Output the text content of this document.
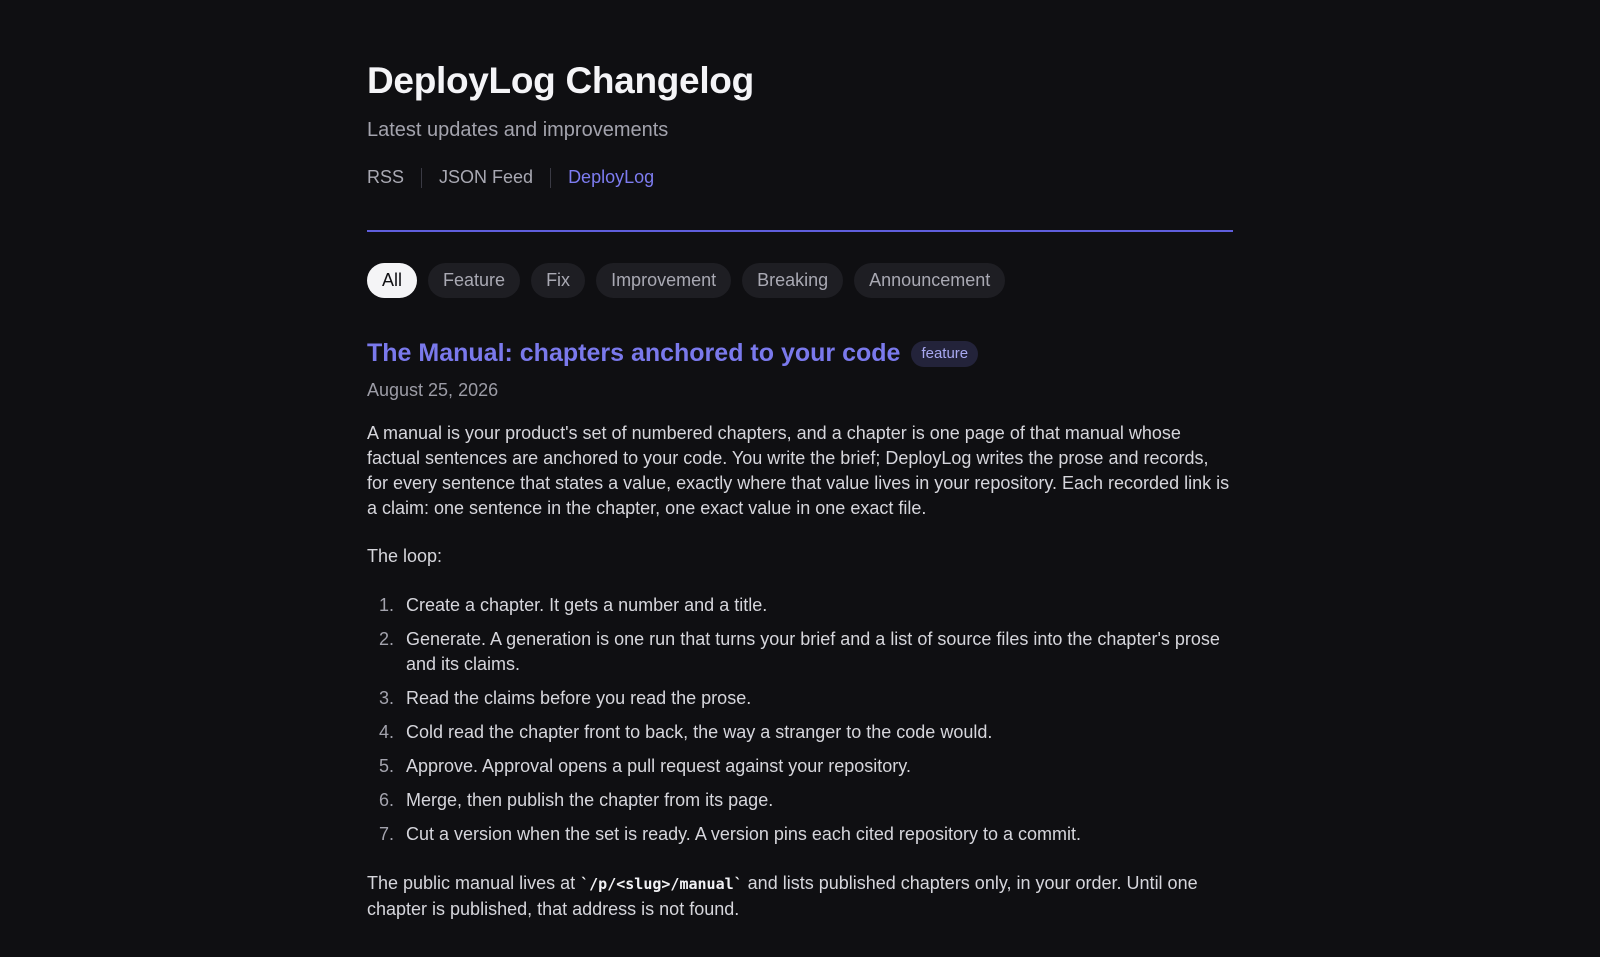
DeployLog Changelog
Latest updates and improvements
RSS JSON Feed DeployLog
All	Feature	Fix	Improvement	Breaking	Announcement
The Manual: chapters anchored to your code	feature
August 25, 2026

A manual is your product's set of numbered chapters, and a chapter is one page of that manual whose factual sentences are anchored to your code. You write the brief; DeployLog writes the prose and records, for every sentence that states a value, exactly where that value lives in your repository. Each recorded link is a claim: one sentence in the chapter, one exact value in one exact file.

The loop:

1. Create a chapter. It gets a number and a title.
2. Generate. A generation is one run that turns your brief and a list of source files into the chapter's prose and its claims.
3. Read the claims before you read the prose.
4. Cold read the chapter front to back, the way a stranger to the code would.
5. Approve. Approval opens a pull request against your repository.
6. Merge, then publish the chapter from its page.
7. Cut a version when the set is ready. A version pins each cited repository to a commit.

The public manual lives at `/p/<slug>/manual` and lists published chapters only, in your order. Until one chapter is published, that address is not found.
